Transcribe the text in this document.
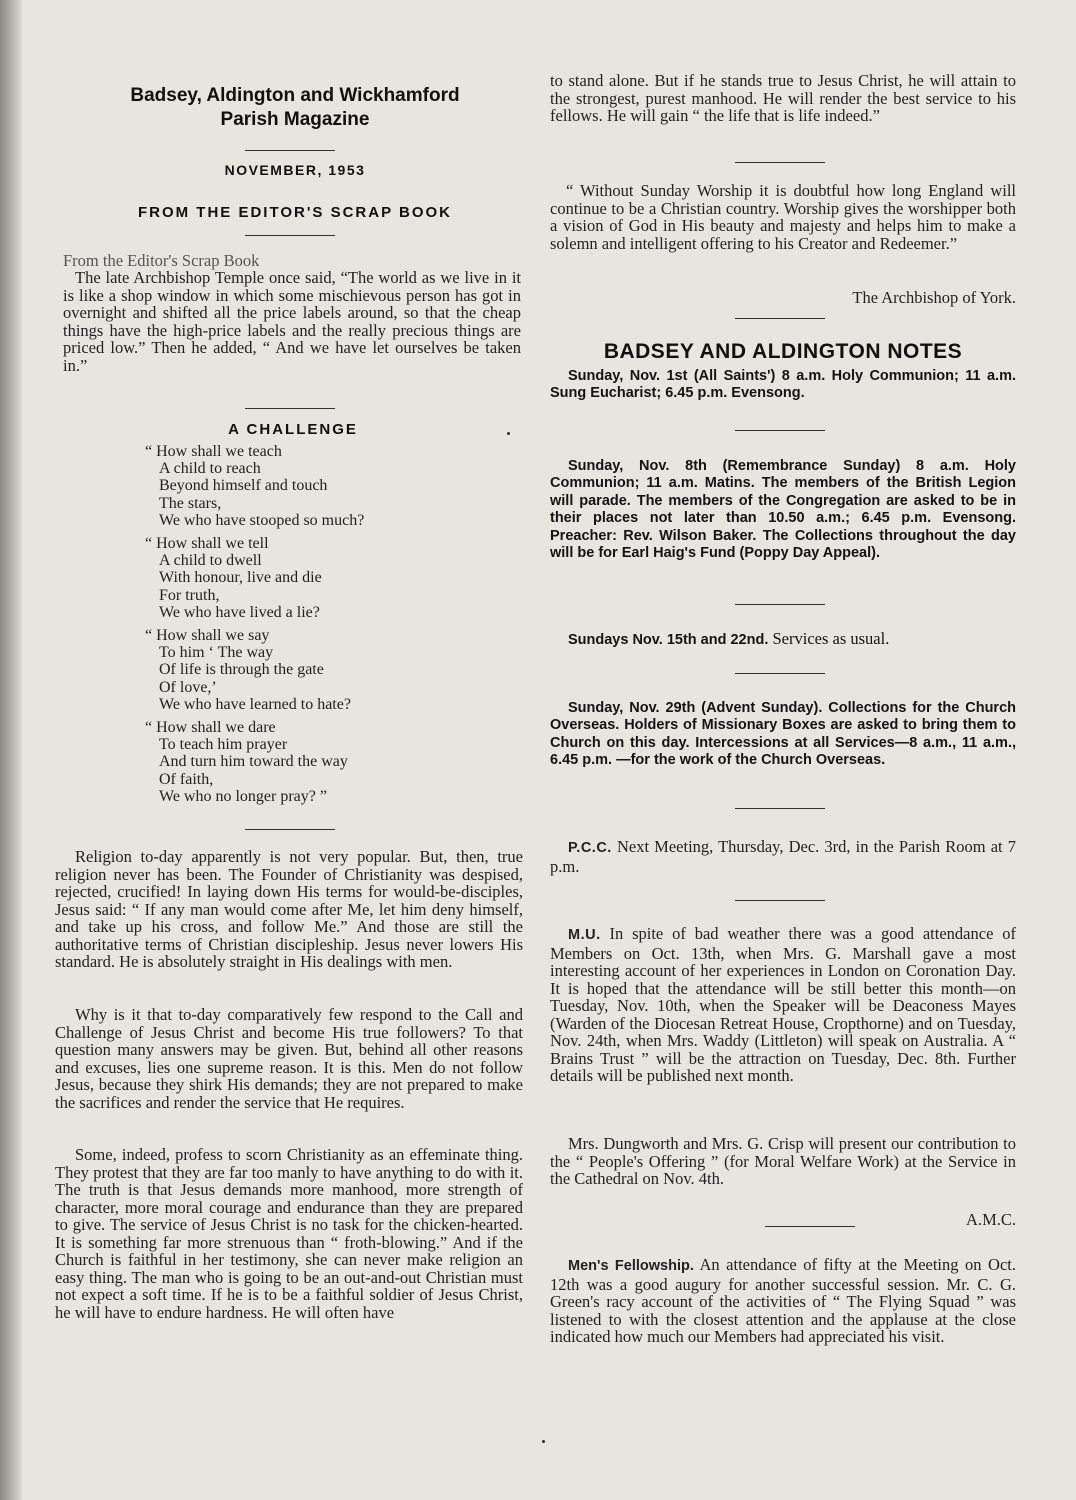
Badsey, Aldington and Wickhamford
Parish Magazine
NOVEMBER, 1953
FROM THE EDITOR'S SCRAP BOOK

From the Editor's Scrap Book

The late Archbishop Temple once said, “The world as we live in it is like a shop window in which some mischievous person has got in overnight and shifted all the price labels around, so that the cheap things have the high-price labels and the really precious things are priced low.” Then he added, “ And we have let ourselves be taken in.”

A CHALLENGE
“ How shall we teach
A child to reach
Beyond himself and touch
The stars,
We who have stooped so much?
“ How shall we tell
A child to dwell
With honour, live and die
For truth,
We who have lived a lie?
“ How shall we say
To him ‘ The way
Of life is through the gate
Of love,’
We who have learned to hate?
“ How shall we dare
To teach him prayer
And turn him toward the way
Of faith,
We who no longer pray? ”

Religion to-day apparently is not very popular. But, then, true religion never has been. The Founder of Christianity was despised, rejected, crucified! In laying down His terms for would-be-disciples, Jesus said: “ If any man would come after Me, let him deny himself, and take up his cross, and follow Me.” And those are still the authoritative terms of Christian discipleship. Jesus never lowers His standard. He is absolutely straight in His dealings with men.

Why is it that to-day comparatively few respond to the Call and Challenge of Jesus Christ and become His true followers? To that question many answers may be given. But, behind all other reasons and excuses, lies one supreme reason. It is this. Men do not follow Jesus, because they shirk His demands; they are not prepared to make the sacrifices and render the service that He requires.

Some, indeed, profess to scorn Christianity as an effeminate thing. They protest that they are far too manly to have anything to do with it. The truth is that Jesus demands more manhood, more strength of character, more moral courage and endurance than they are prepared to give. The service of Jesus Christ is no task for the chicken-hearted. It is something far more strenuous than “ froth-blowing.” And if the Church is faithful in her testimony, she can never make religion an easy thing. The man who is going to be an out-and-out Christian must not expect a soft time. If he is to be a faithful soldier of Jesus Christ, he will have to endure hardness. He will often have

to stand alone. But if he stands true to Jesus Christ, he will attain to the strongest, purest manhood. He will render the best service to his fellows. He will gain “ the life that is life indeed.”

“ Without Sunday Worship it is doubtful how long England will continue to be a Christian country. Worship gives the worshipper both a vision of God in His beauty and majesty and helps him to make a solemn and intelligent offering to his Creator and Redeemer.”

The Archbishop of York.
BADSEY AND ALDINGTON NOTES

Sunday, Nov. 1st (All Saints') 8 a.m. Holy Communion; 11 a.m. Sung Eucharist; 6.45 p.m. Evensong.

Sunday, Nov. 8th (Remembrance Sunday) 8 a.m. Holy Communion; 11 a.m. Matins. The members of the British Legion will parade. The members of the Congregation are asked to be in their places not later than 10.50 a.m.; 6.45 p.m. Evensong. Preacher: Rev. Wilson Baker. The Collections throughout the day will be for Earl Haig's Fund (Poppy Day Appeal).

Sundays Nov. 15th and 22nd. Services as usual.

Sunday, Nov. 29th (Advent Sunday). Collections for the Church Overseas. Holders of Missionary Boxes are asked to bring them to Church on this day. Intercessions at all Services—8 a.m., 11 a.m., 6.45 p.m. —for the work of the Church Overseas.

P.C.C. Next Meeting, Thursday, Dec. 3rd, in the Parish Room at 7 p.m.

M.U. In spite of bad weather there was a good attendance of Members on Oct. 13th, when Mrs. G. Marshall gave a most interesting account of her experiences in London on Coronation Day. It is hoped that the attendance will be still better this month—on Tuesday, Nov. 10th, when the Speaker will be Deaconess Mayes (Warden of the Diocesan Retreat House, Cropthorne) and on Tuesday, Nov. 24th, when Mrs. Waddy (Littleton) will speak on Australia. A “ Brains Trust ” will be the attraction on Tuesday, Dec. 8th. Further details will be published next month.

Mrs. Dungworth and Mrs. G. Crisp will present our contribution to the “ People's Offering ” (for Moral Welfare Work) at the Service in the Cathedral on Nov. 4th.

A.M.C.

Men's Fellowship. An attendance of fifty at the Meeting on Oct. 12th was a good augury for another successful session. Mr. C. G. Green's racy account of the activities of “ The Flying Squad ” was listened to with the closest attention and the applause at the close indicated how much our Members had appreciated his visit.
